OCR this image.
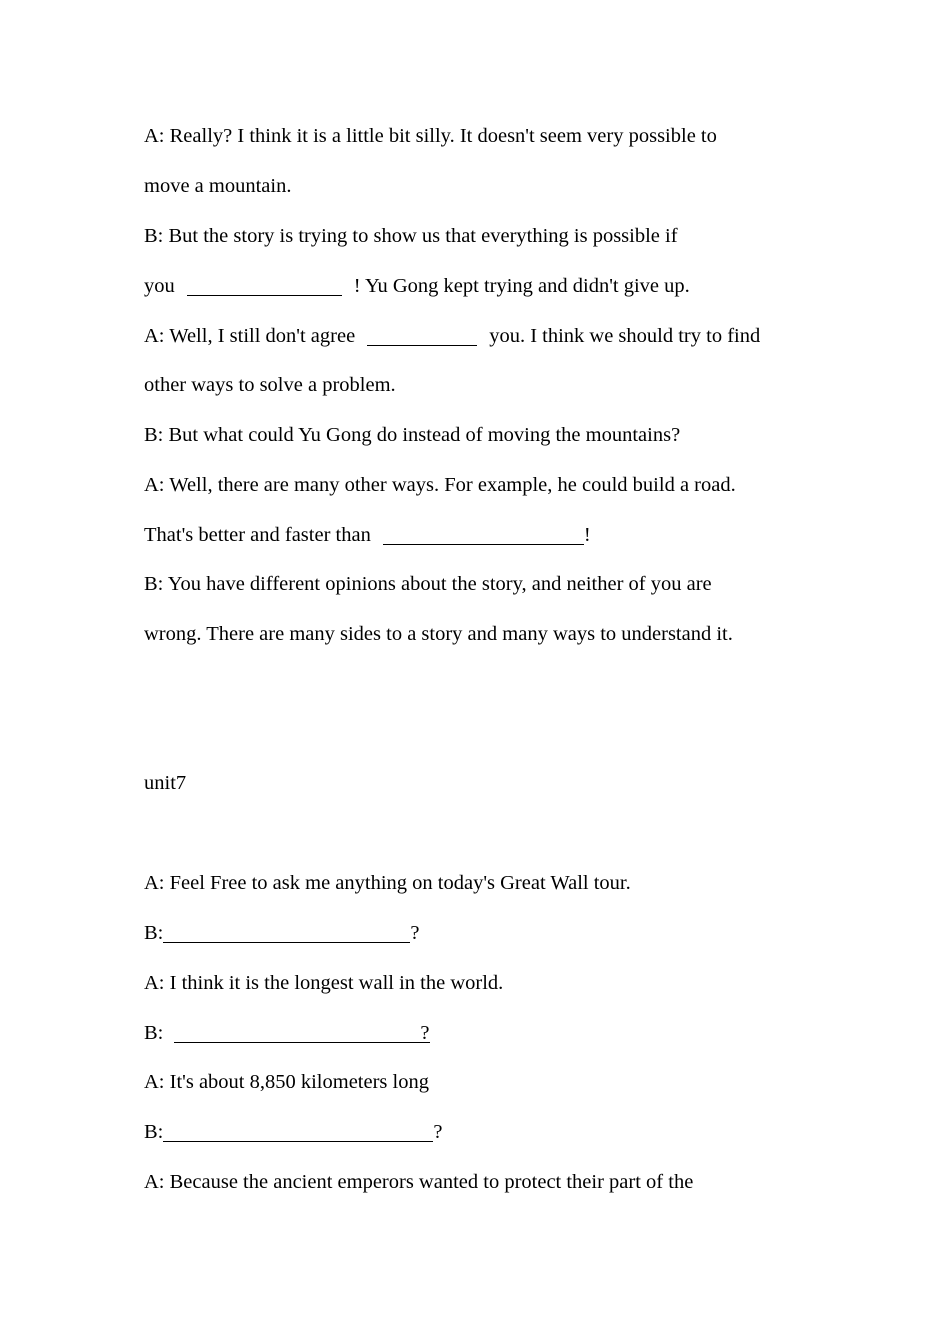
A: Really? I think it is a little bit silly. It doesn't seem very possible to
move a mountain.
B: But the story is trying to show us that everything is possible if
you	! Yu Gong kept trying and didn't give up.
A: Well, I still don't agree	you. I think we should try to find
other ways to solve a problem.
B: But what could Yu Gong do instead of moving the mountains?
A: Well, there are many other ways. For example, he could build a road.
That's better and faster than	!
B: You have different opinions about the story, and neither of you are
wrong. There are many sides to a story and many ways to understand it.
unit7
A: Feel Free to ask me anything on today's Great Wall tour.
B:	?
A: I think it is the longest wall in the world.
B:	?
A: It's about 8,850 kilometers long
B:	?
A: Because the ancient emperors wanted to protect their part of the
